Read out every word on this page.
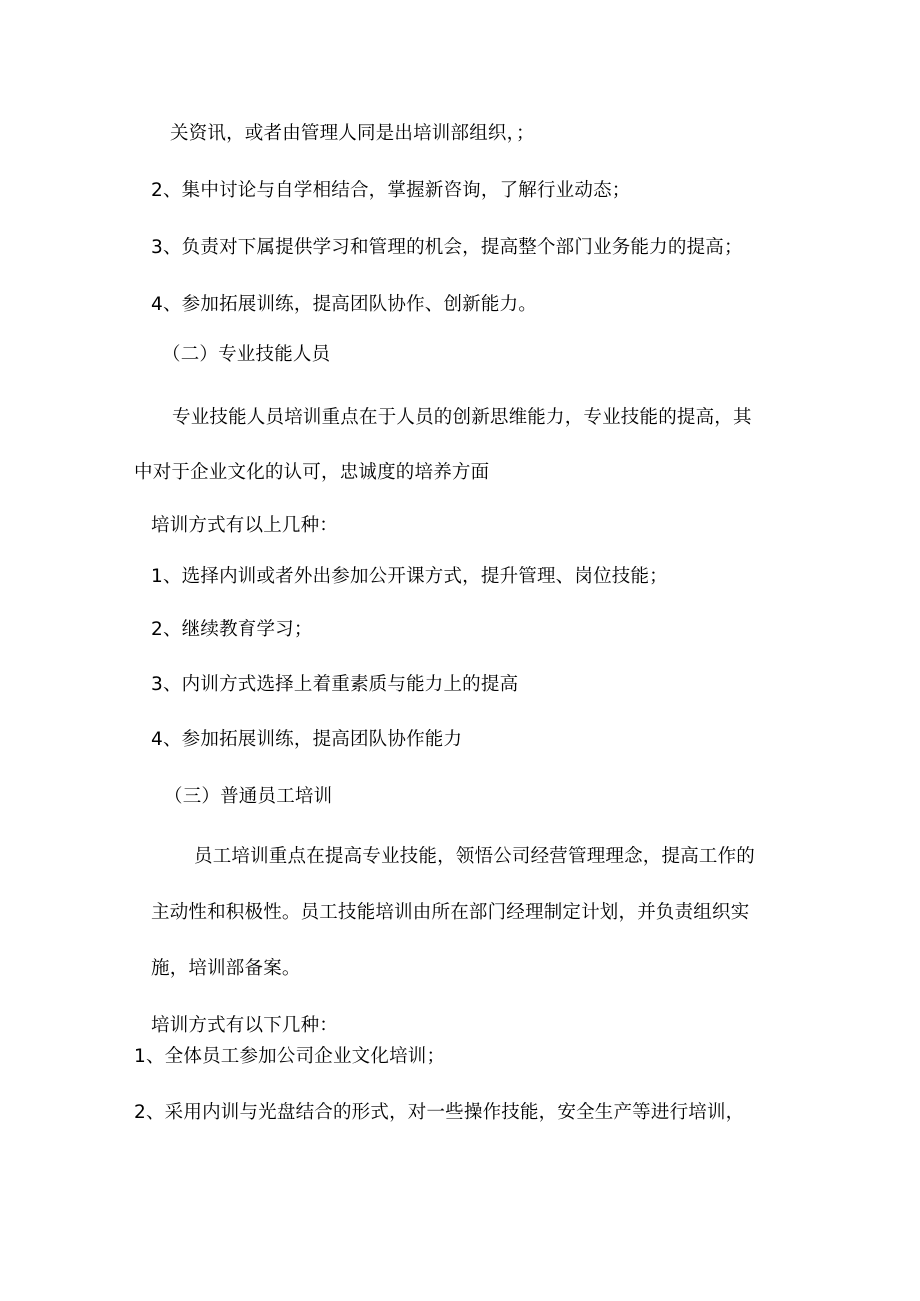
关资讯，或者由管理人同是出培训部组织，；
2、集中讨论与自学相结合，掌握新咨询，了解行业动态；
3、负责对下属提供学习和管理的机会，提高整个部门业务能力的提高；
4、参加拓展训练，提高团队协作、创新能力。
（二）专业技能人员
专业技能人员培训重点在于人员的创新思维能力，专业技能的提高，其
中对于企业文化的认可，忠诚度的培养方面
培训方式有以上几种：
1、选择内训或者外出参加公开课方式，提升管理、岗位技能；
2、继续教育学习；
3、内训方式选择上着重素质与能力上的提高
4、参加拓展训练，提高团队协作能力
（三）普通员工培训
员工培训重点在提高专业技能，领悟公司经营管理理念，提高工作的
主动性和积极性。员工技能培训由所在部门经理制定计划，并负责组织实
施，培训部备案。
培训方式有以下几种：
1、全体员工参加公司企业文化培训；
2、采用内训与光盘结合的形式，对一些操作技能，安全生产等进行培训，
